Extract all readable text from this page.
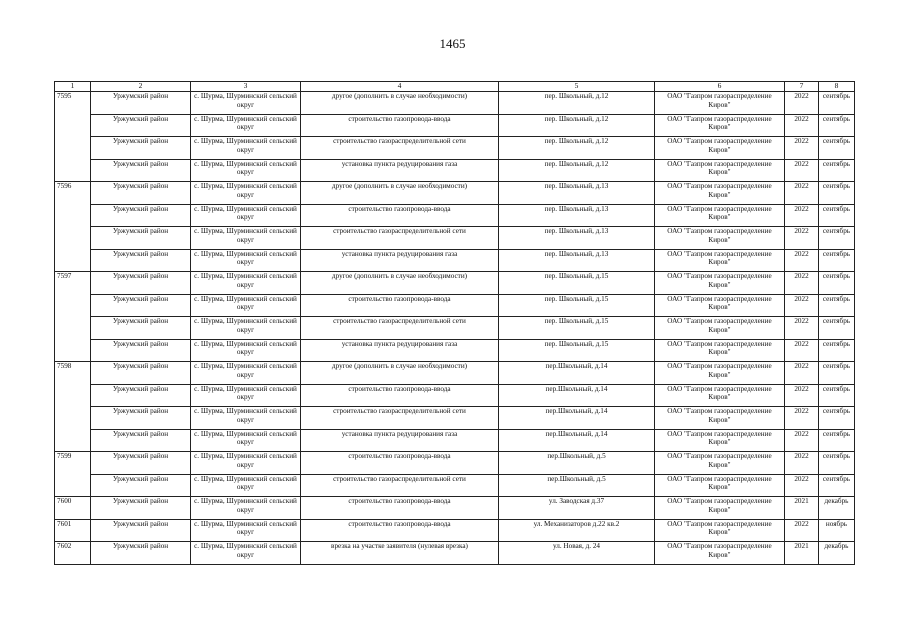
1465
1	2	3	4	5	6	7	8
7595	Уржумский район	с. Шурма, Шурминский сельский округ	другое (дополнить в случае необходимости)	пер. Школьный, д.12	ОАО "Газпром газораспределение Киров"	2022	сентябрь
	Уржумский район	с. Шурма, Шурминский сельский округ	строительство газопровода-ввода	пер. Школьный, д.12	ОАО "Газпром газораспределение Киров"	2022	сентябрь
	Уржумский район	с. Шурма, Шурминский сельский округ	строительство газораспределительной сети	пер. Школьный, д.12	ОАО "Газпром газораспределение Киров"	2022	сентябрь
	Уржумский район	с. Шурма, Шурминский сельский округ	установка пункта редуцирования газа	пер. Школьный, д.12	ОАО "Газпром газораспределение Киров"	2022	сентябрь
7596	Уржумский район	с. Шурма, Шурминский сельский округ	другое (дополнить в случае необходимости)	пер. Школьный, д.13	ОАО "Газпром газораспределение Киров"	2022	сентябрь
	Уржумский район	с. Шурма, Шурминский сельский округ	строительство газопровода-ввода	пер. Школьный, д.13	ОАО "Газпром газораспределение Киров"	2022	сентябрь
	Уржумский район	с. Шурма, Шурминский сельский округ	строительство газораспределительной сети	пер. Школьный, д.13	ОАО "Газпром газораспределение Киров"	2022	сентябрь
	Уржумский район	с. Шурма, Шурминский сельский округ	установка пункта редуцирования газа	пер. Школьный, д.13	ОАО "Газпром газораспределение Киров"	2022	сентябрь
7597	Уржумский район	с. Шурма, Шурминский сельский округ	другое (дополнить в случае необходимости)	пер. Школьный, д.15	ОАО "Газпром газораспределение Киров"	2022	сентябрь
	Уржумский район	с. Шурма, Шурминский сельский округ	строительство газопровода-ввода	пер. Школьный, д.15	ОАО "Газпром газораспределение Киров"	2022	сентябрь
	Уржумский район	с. Шурма, Шурминский сельский округ	строительство газораспределительной сети	пер. Школьный, д.15	ОАО "Газпром газораспределение Киров"	2022	сентябрь
	Уржумский район	с. Шурма, Шурминский сельский округ	установка пункта редуцирования газа	пер. Школьный, д.15	ОАО "Газпром газораспределение Киров"	2022	сентябрь
7598	Уржумский район	с. Шурма, Шурминский сельский округ	другое (дополнить в случае необходимости)	пер.Школьный, д.14	ОАО "Газпром газораспределение Киров"	2022	сентябрь
	Уржумский район	с. Шурма, Шурминский сельский округ	строительство газопровода-ввода	пер.Школьный, д.14	ОАО "Газпром газораспределение Киров"	2022	сентябрь
	Уржумский район	с. Шурма, Шурминский сельский округ	строительство газораспределительной сети	пер.Школьный, д.14	ОАО "Газпром газораспределение Киров"	2022	сентябрь
	Уржумский район	с. Шурма, Шурминский сельский округ	установка пункта редуцирования газа	пер.Школьный, д.14	ОАО "Газпром газораспределение Киров"	2022	сентябрь
7599	Уржумский район	с. Шурма, Шурминский сельский округ	строительство газопровода-ввода	пер.Школьный, д.5	ОАО "Газпром газораспределение Киров"	2022	сентябрь
	Уржумский район	с. Шурма, Шурминский сельский округ	строительство газораспределительной сети	пер.Школьный, д.5	ОАО "Газпром газораспределение Киров"	2022	сентябрь
7600	Уржумский район	с. Шурма, Шурминский сельский округ	строительство газопровода-ввода	ул. Заводская д.37	ОАО "Газпром газораспределение Киров"	2021	декабрь
7601	Уржумский район	с. Шурма, Шурминский сельский округ	строительство газопровода-ввода	ул. Механизаторов д.22 кв.2	ОАО "Газпром газораспределение Киров"	2022	ноябрь
7602	Уржумский район	с. Шурма, Шурминский сельский округ	врезка на участке заявителя (нулевая врезка)	ул. Новая, д. 24	ОАО "Газпром газораспределение Киров"	2021	декабрь
